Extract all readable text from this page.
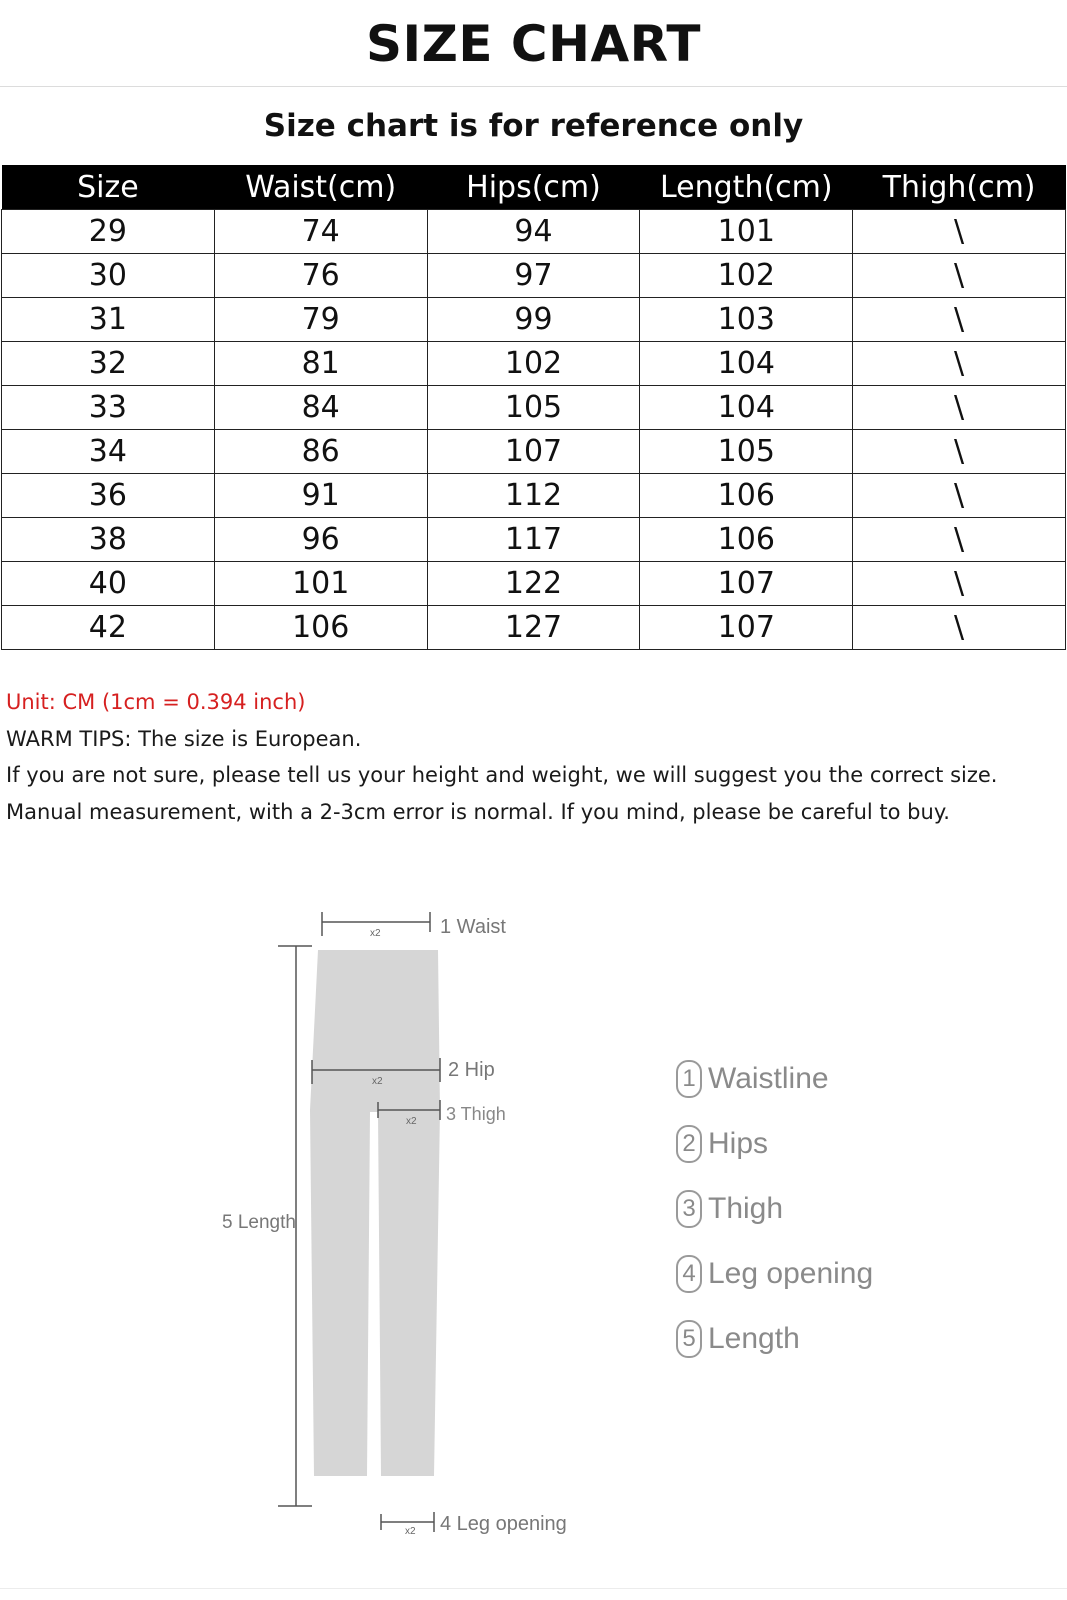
SIZE CHART
Size chart is for reference only
Size	Waist(cm)	Hips(cm)	Length(cm)	Thigh(cm)
29	74	94	101	\
30	76	97	102	\
31	79	99	103	\
32	81	102	104	\
33	84	105	104	\
34	86	107	105	\
36	91	112	106	\
38	96	117	106	\
40	101	122	107	\
42	106	127	107	\
Unit: CM (1cm = 0.394 inch)
WARM TIPS: The size is European.
If you are not sure, please tell us your height and weight, we will suggest you the correct size.
Manual measurement, with a 2-3cm error is normal. If you mind, please be careful to buy.
x2	1 Waist
x2
2 Hip
x2 3 Thigh
5 Length
x2 4 Leg opening
1 Waistline
2 Hips
3 Thigh
4 Leg opening
5 Length
